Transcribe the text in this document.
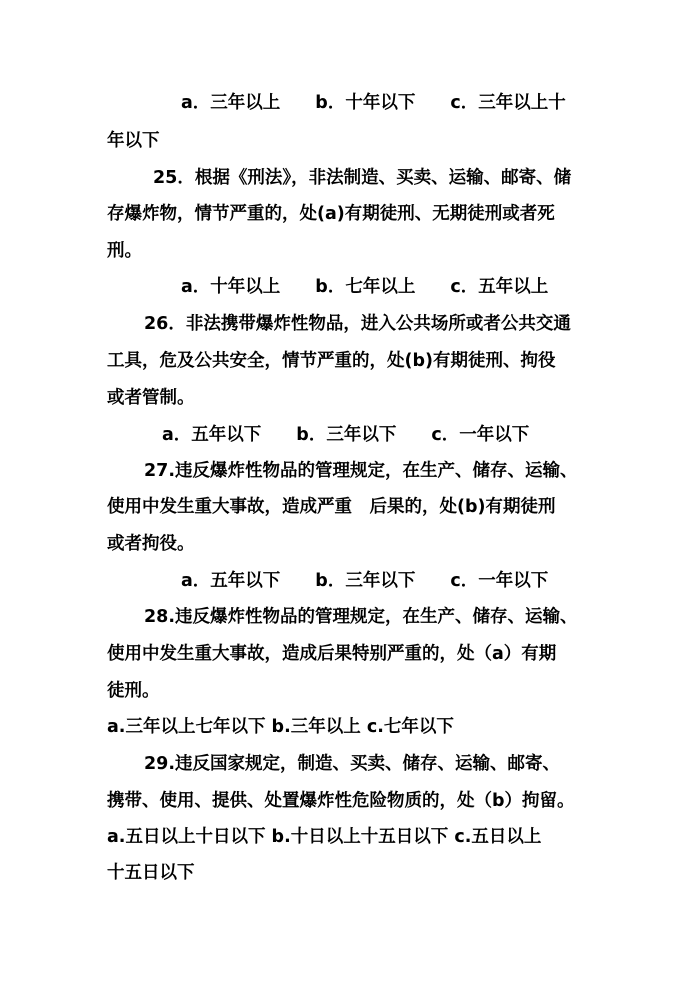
a．三年以上　　b．十年以下　　c．三年以上十
年以下
25．根据《刑法》，非法制造、买卖、运输、邮寄、储
存爆炸物，情节严重的，处(a)有期徒刑、无期徒刑或者死
刑。
a．十年以上　　b．七年以上　　c．五年以上
26．非法携带爆炸性物品，进入公共场所或者公共交通
工具，危及公共安全，情节严重的，处(b)有期徒刑、拘役
或者管制。
a．五年以下　　b．三年以下　　c．一年以下
27.违反爆炸性物品的管理规定，在生产、储存、运输、
使用中发生重大事故，造成严重　后果的，处(b)有期徒刑
或者拘役。
a．五年以下　　b．三年以下　　c．一年以下
28.违反爆炸性物品的管理规定，在生产、储存、运输、
使用中发生重大事故，造成后果特别严重的，处（a）有期
徒刑。
a.三年以上七年以下 b.三年以上 c.七年以下
29.违反国家规定，制造、买卖、储存、运输、邮寄、
携带、使用、提供、处置爆炸性危险物质的，处（b）拘留。
a.五日以上十日以下 b.十日以上十五日以下 c.五日以上
十五日以下
